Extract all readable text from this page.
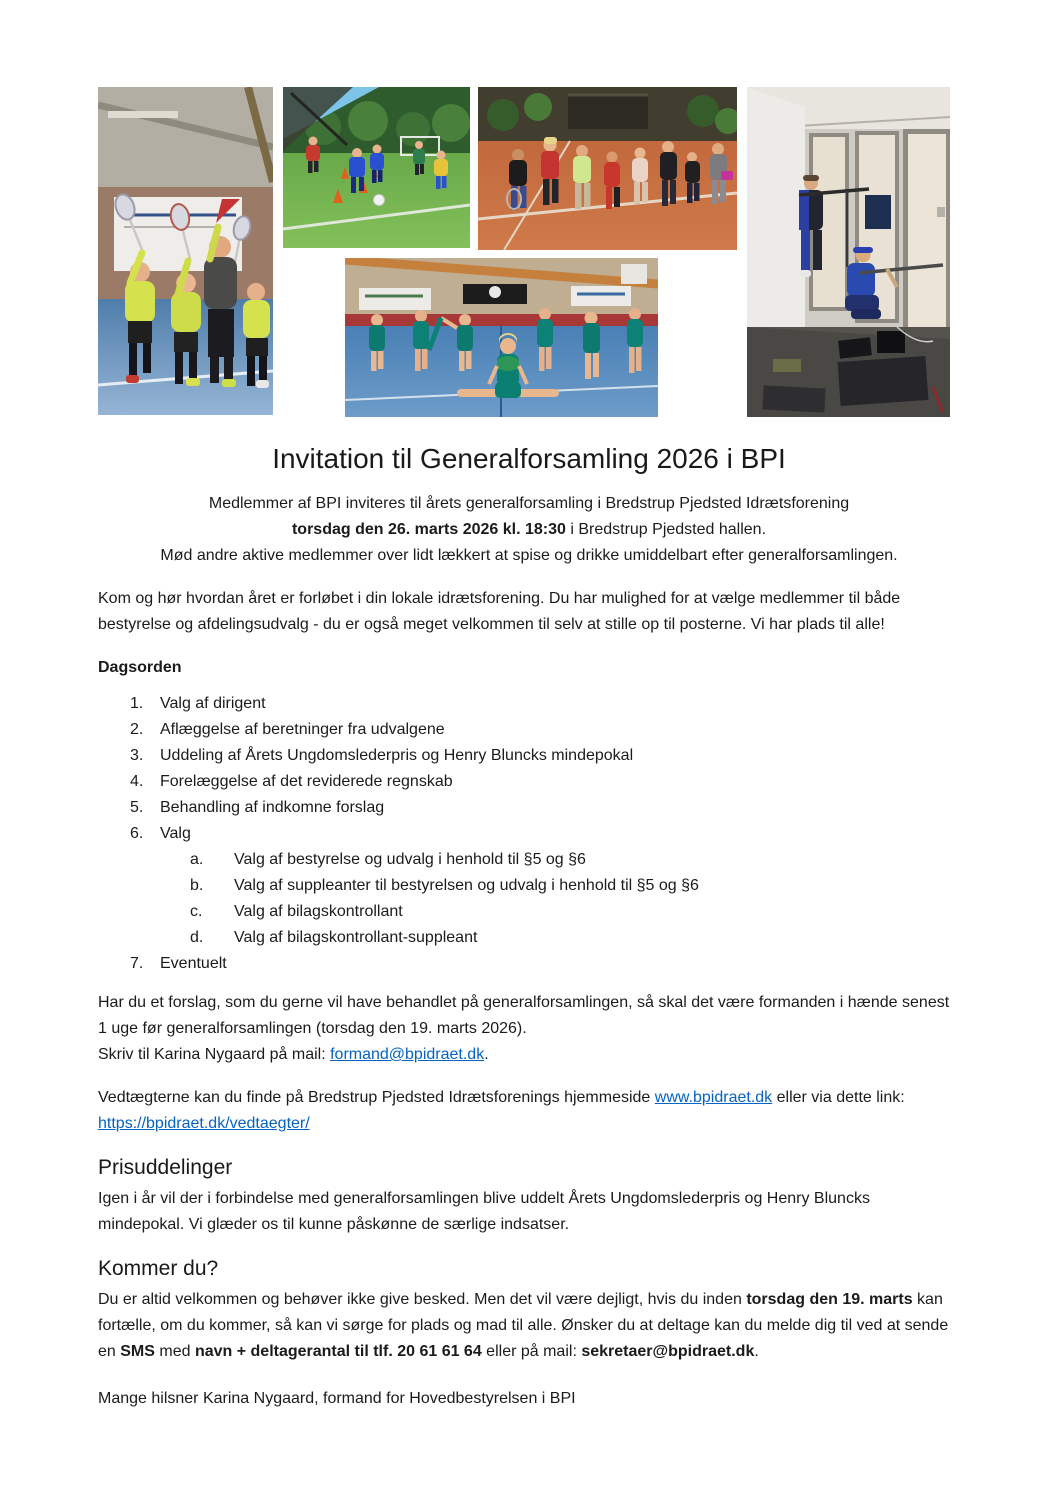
Invitation til Generalforsamling 2026 i BPI
Medlemmer af BPI inviteres til årets generalforsamling i Bredstrup Pjedsted Idrætsforening
torsdag den 26. marts 2026 kl. 18:30 i Bredstrup Pjedsted hallen.
Mød andre aktive medlemmer over lidt lækkert at spise og drikke umiddelbart efter generalforsamlingen.

Kom og hør hvordan året er forløbet i din lokale idrætsforening. Du har mulighed for at vælge medlemmer til både bestyrelse og afdelingsudvalg - du er også meget velkommen til selv at stille op til posterne. Vi har plads til alle!

Dagsorden

1.	Valg af dirigent
2.	Aflæggelse af beretninger fra udvalgene
3.	Uddeling af Årets Ungdomslederpris og Henry Bluncks mindepokal
4.	Forelæggelse af det reviderede regnskab
5.	Behandling af indkomne forslag
6.	Valg
a.	Valg af bestyrelse og udvalg i henhold til §5 og §6
b.	Valg af suppleanter til bestyrelsen og udvalg i henhold til §5 og §6
c.	Valg af bilagskontrollant
d.	Valg af bilagskontrollant-suppleant
7.	Eventuelt

Har du et forslag, som du gerne vil have behandlet på generalforsamlingen, så skal det være formanden i hænde senest 1 uge før generalforsamlingen (torsdag den 19. marts 2026).
Skriv til Karina Nygaard på mail: formand@bpidraet.dk.

Vedtægterne kan du finde på Bredstrup Pjedsted Idrætsforenings hjemmeside www.bpidraet.dk eller via dette link: https://bpidraet.dk/vedtaegter/

Prisuddelinger

Igen i år vil der i forbindelse med generalforsamlingen blive uddelt Årets Ungdomslederpris og Henry Bluncks mindepokal. Vi glæder os til kunne påskønne de særlige indsatser.

Kommer du?

Du er altid velkommen og behøver ikke give besked. Men det vil være dejligt, hvis du inden torsdag den 19. marts kan fortælle, om du kommer, så kan vi sørge for plads og mad til alle. Ønsker du at deltage kan du melde dig til ved at sende en SMS med navn + deltagerantal til tlf. 20 61 61 64 eller på mail: sekretaer@bpidraet.dk.

Mange hilsner Karina Nygaard, formand for Hovedbestyrelsen i BPI
